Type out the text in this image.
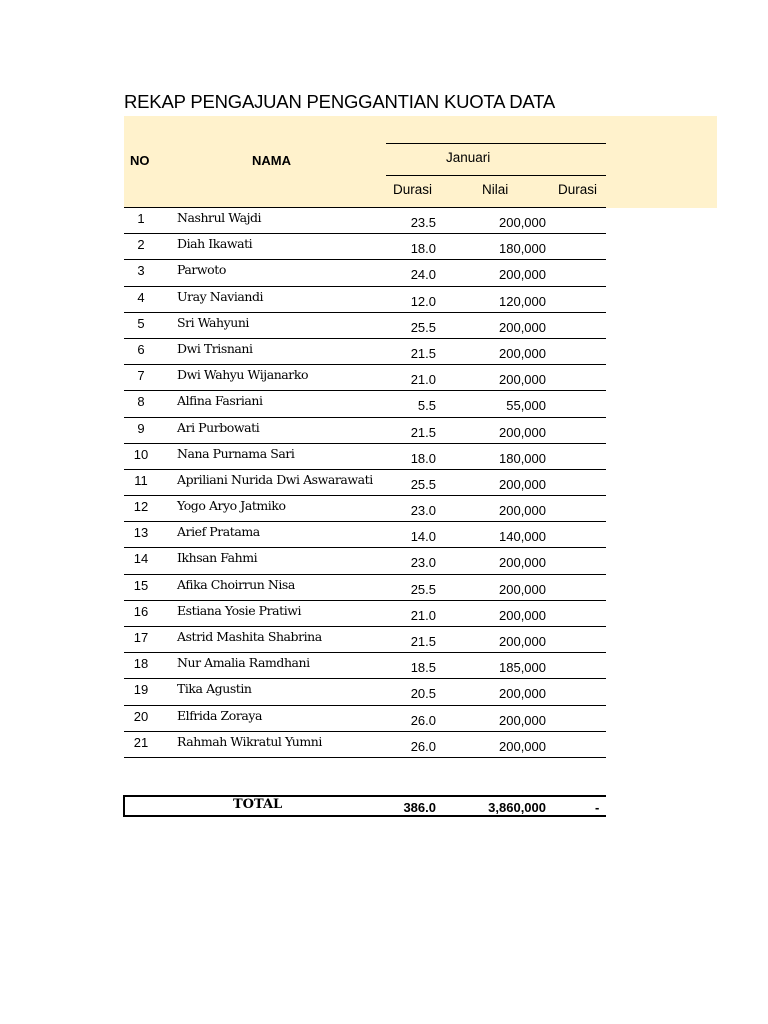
REKAP PENGAJUAN PENGGANTIAN KUOTA DATA
NO	NAMA	Januari
Durasi	Nilai	Durasi
1	Nashrul Wajdi	23.5	200,000
2	Diah Ikawati	18.0	180,000
3	Parwoto	24.0	200,000
4	Uray Naviandi	12.0	120,000
5	Sri Wahyuni	25.5	200,000
6	Dwi Trisnani	21.5	200,000
7	Dwi Wahyu Wijanarko	21.0	200,000
8	Alfina Fasriani	5.5	55,000
9	Ari Purbowati	21.5	200,000
10	Nana Purnama Sari	18.0	180,000
11	Apriliani Nurida Dwi Aswarawati	25.5	200,000
12	Yogo Aryo Jatmiko	23.0	200,000
13	Arief Pratama	14.0	140,000
14	Ikhsan Fahmi	23.0	200,000
15	Afika Choirrun Nisa	25.5	200,000
16	Estiana Yosie Pratiwi	21.0	200,000
17	Astrid Mashita Shabrina	21.5	200,000
18	Nur Amalia Ramdhani	18.5	185,000
19	Tika Agustin	20.5	200,000
20	Elfrida Zoraya	26.0	200,000
21	Rahmah Wikratul Yumni	26.0	200,000
TOTAL	386.0	3,860,000	-
